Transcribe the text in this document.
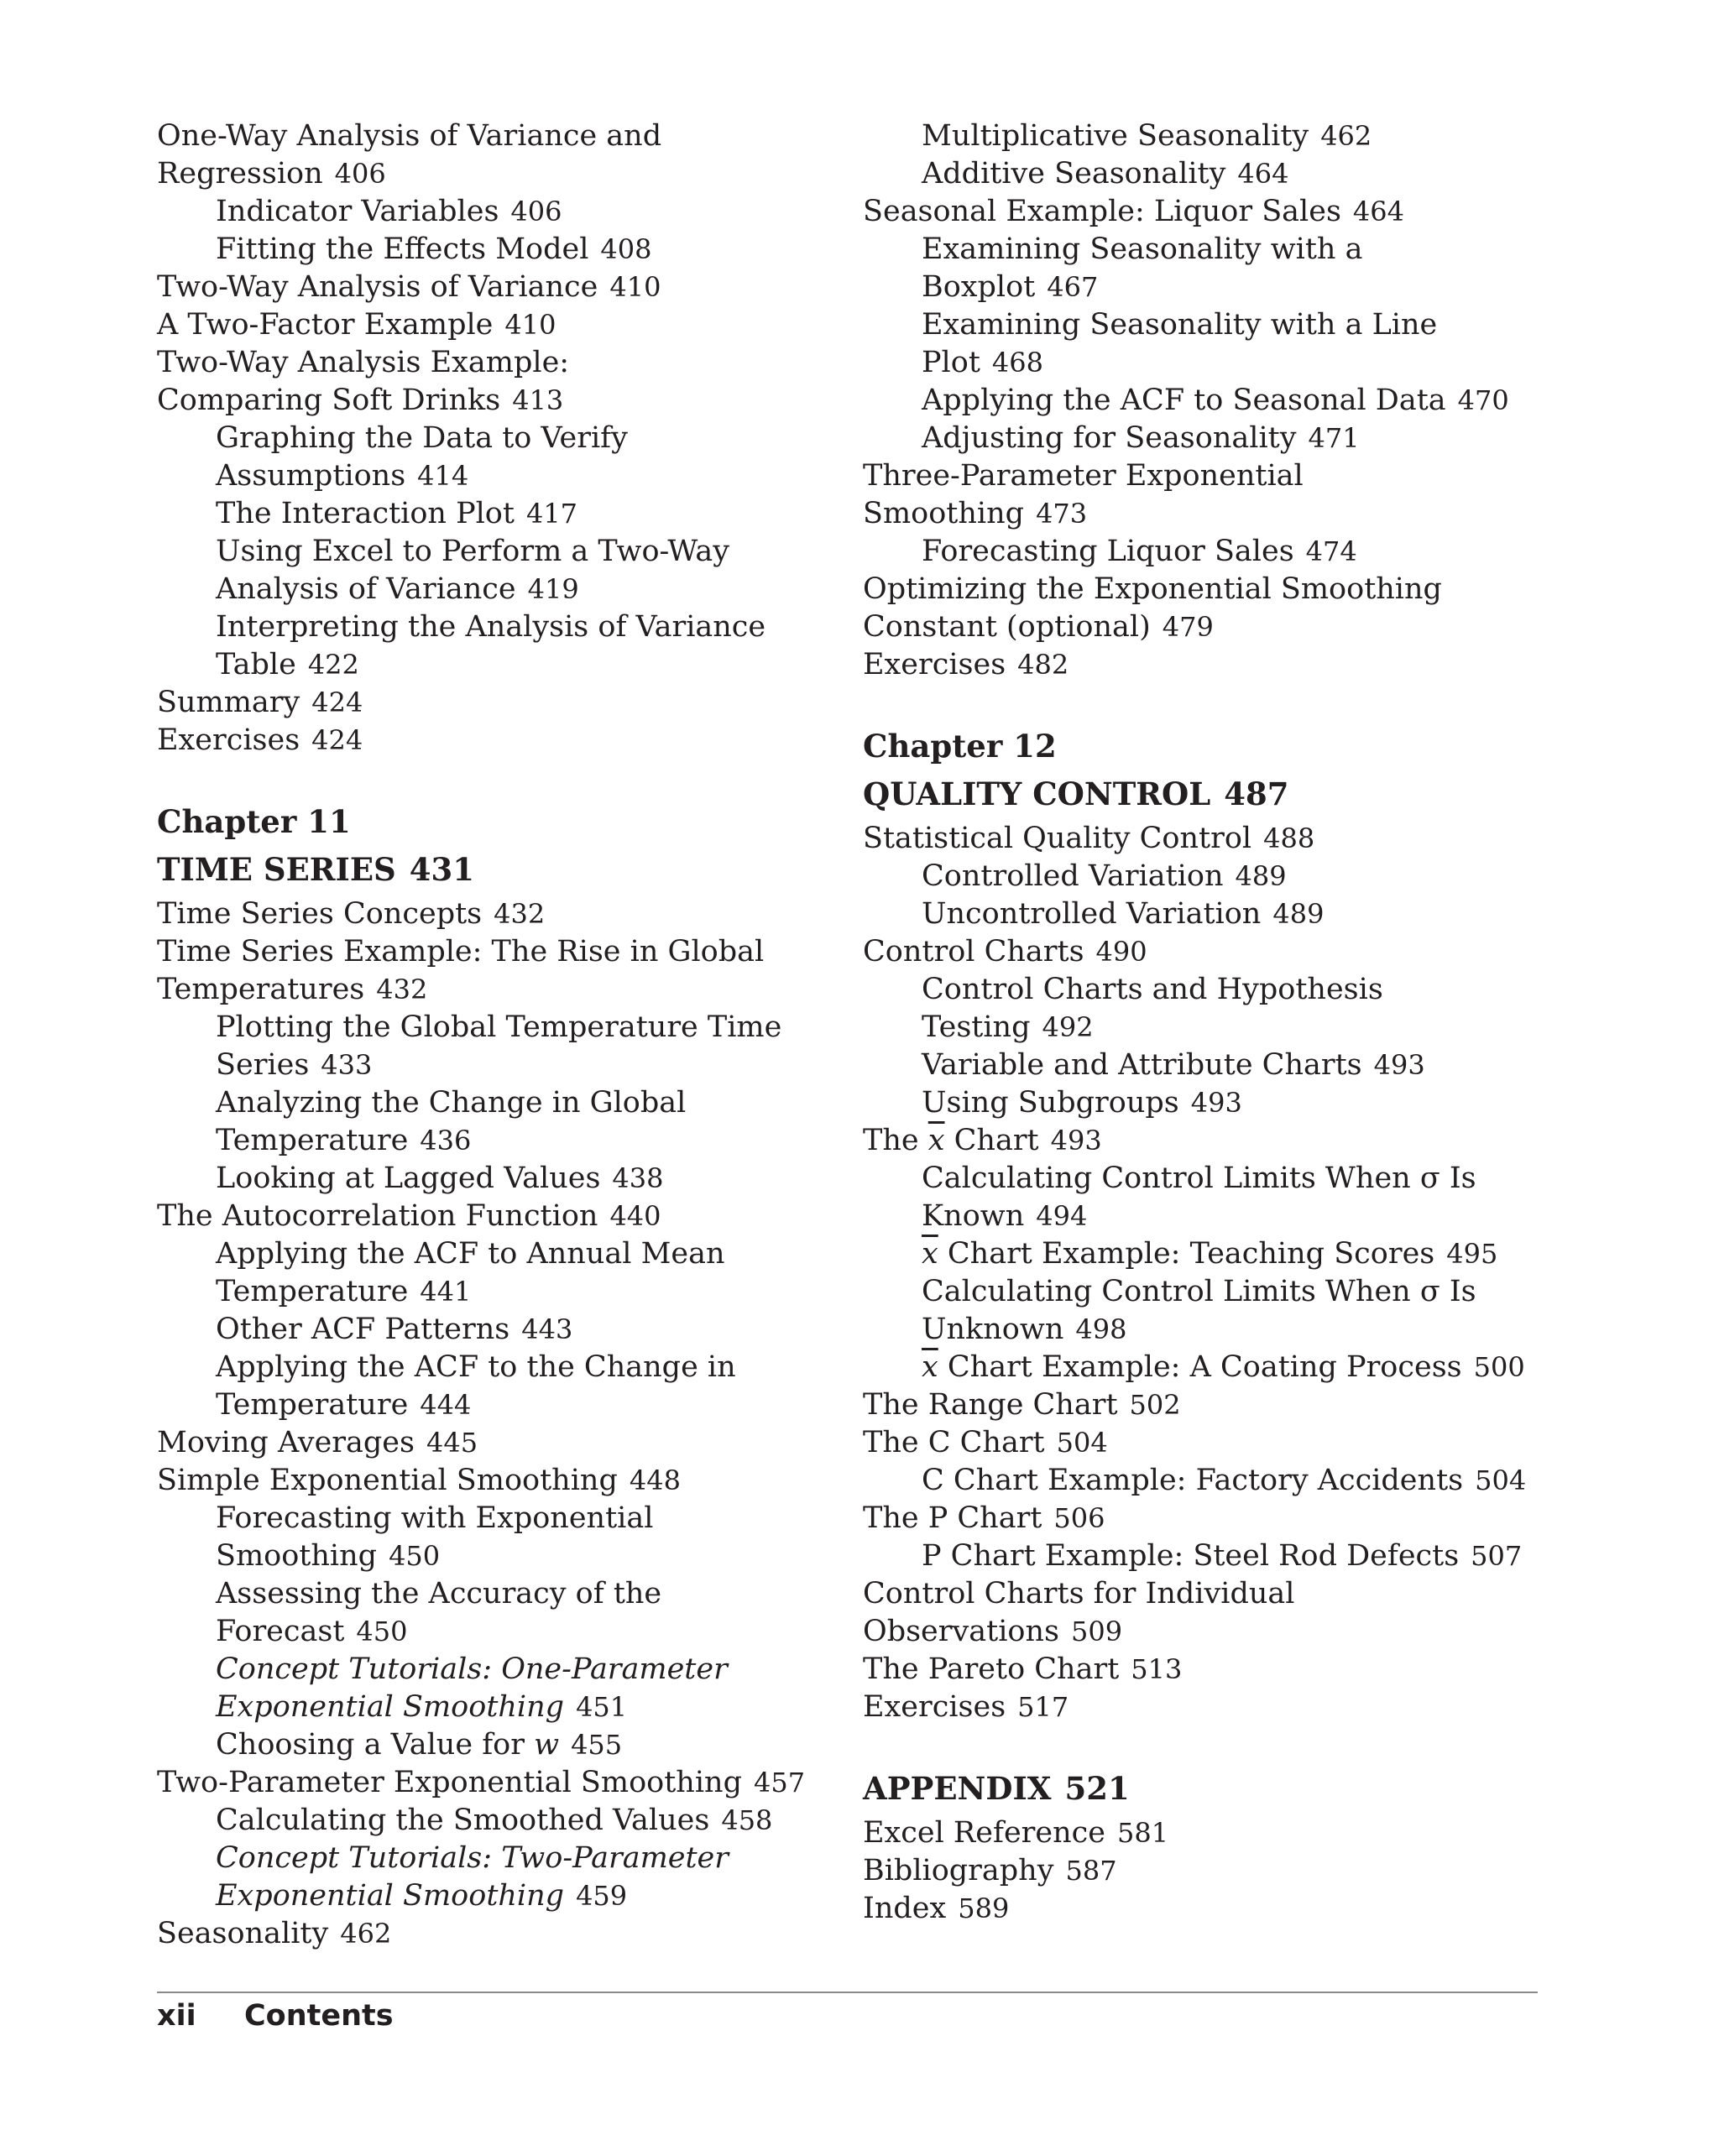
One-Way Analysis of Variance and
Regression 406
Indicator Variables 406
Fitting the Effects Model 408
Two-Way Analysis of Variance 410
A Two-Factor Example 410
Two-Way Analysis Example:
Comparing Soft Drinks 413
Graphing the Data to Verify
Assumptions 414
The Interaction Plot 417
Using Excel to Perform a Two-Way
Analysis of Variance 419
Interpreting the Analysis of Variance
Table 422
Summary 424
Exercises 424
Chapter 11
TIME SERIES 431
Time Series Concepts 432
Time Series Example: The Rise in Global
Temperatures 432
Plotting the Global Temperature Time
Series 433
Analyzing the Change in Global
Temperature 436
Looking at Lagged Values 438
The Autocorrelation Function 440
Applying the ACF to Annual Mean
Temperature 441
Other ACF Patterns 443
Applying the ACF to the Change in
Temperature 444
Moving Averages 445
Simple Exponential Smoothing 448
Forecasting with Exponential
Smoothing 450
Assessing the Accuracy of the
Forecast 450
Concept Tutorials: One-Parameter
Exponential Smoothing 451
Choosing a Value for w 455
Two-Parameter Exponential Smoothing 457
Calculating the Smoothed Values 458
Concept Tutorials: Two-Parameter
Exponential Smoothing 459
Seasonality 462
Multiplicative Seasonality 462
Additive Seasonality 464
Seasonal Example: Liquor Sales 464
Examining Seasonality with a
Boxplot 467
Examining Seasonality with a Line
Plot 468
Applying the ACF to Seasonal Data 470
Adjusting for Seasonality 471
Three-Parameter Exponential
Smoothing 473
Forecasting Liquor Sales 474
Optimizing the Exponential Smoothing
Constant (optional) 479
Exercises 482
Chapter 12
QUALITY CONTROL 487
Statistical Quality Control 488
Controlled Variation 489
Uncontrolled Variation 489
Control Charts 490
Control Charts and Hypothesis
Testing 492
Variable and Attribute Charts 493
Using Subgroups 493
The $\overline{x}$ Chart 493
Calculating Control Limits When σ Is
Known 494
$\overline{x}$ Chart Example: Teaching Scores 495
Calculating Control Limits When σ Is
Unknown 498
$\overline{x}$ Chart Example: A Coating Process 500
The Range Chart 502
The C Chart 504
C Chart Example: Factory Accidents 504
The P Chart 506
P Chart Example: Steel Rod Defects 507
Control Charts for Individual
Observations 509
The Pareto Chart 513
Exercises 517
APPENDIX 521
Excel Reference 581
Bibliography 587
Index 589
xii Contents
